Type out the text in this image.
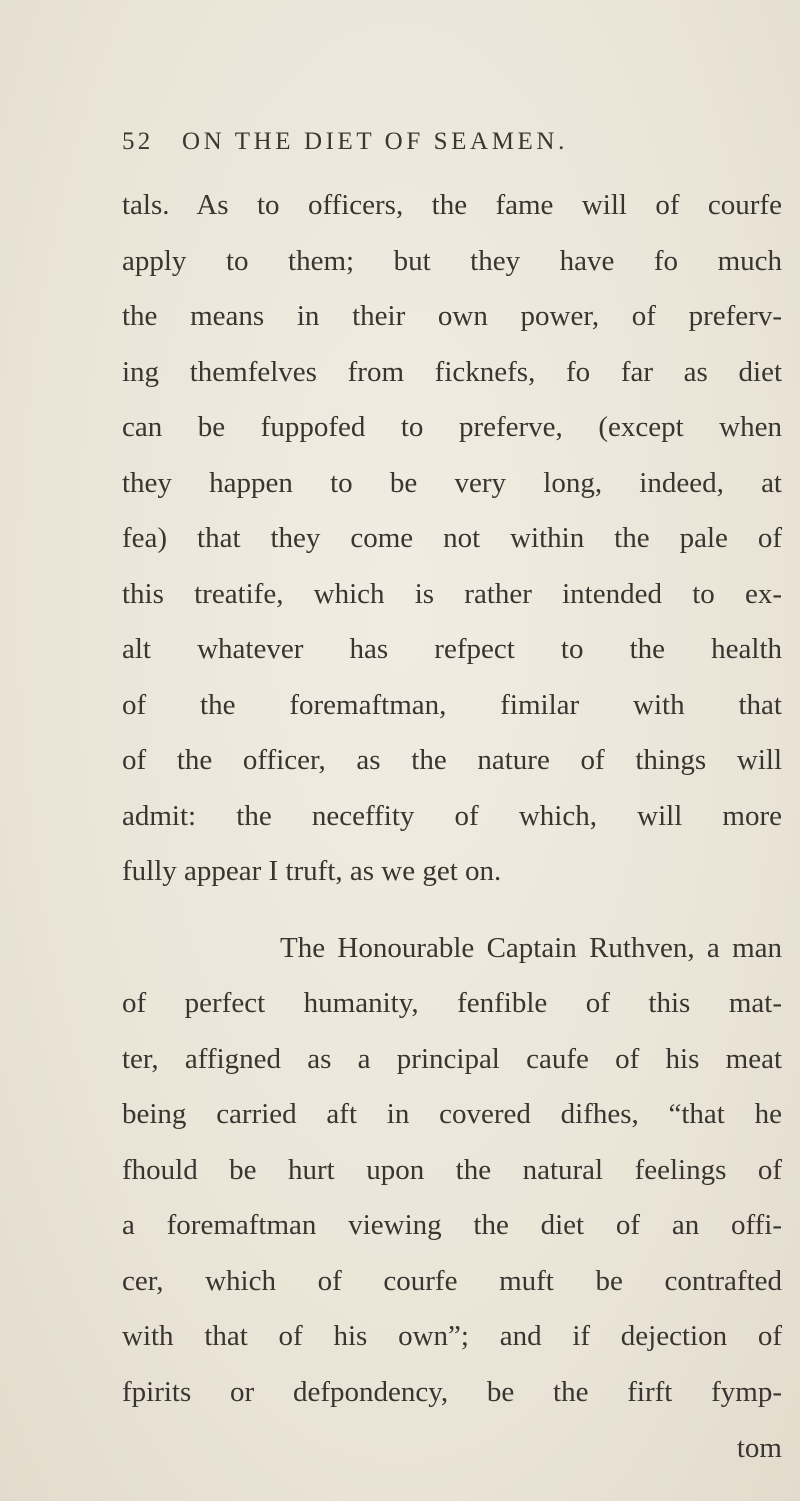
52 ON THE DIET OF SEAMEN.
tals. As to officers, the fame will of courfe
apply to them; but they have fo much
the means in their own power, of preferv-
ing themfelves from ficknefs, fo far as diet
can be fuppofed to preferve, (except when
they happen to be very long, indeed, at
fea) that they come not within the pale of
this treatife, which is rather intended to ex-
alt whatever has refpect to the health
of the foremaftman, fimilar with that
of the officer, as the nature of things will
admit: the neceffity of which, will more
fully appear I truft, as we get on.
The Honourable Captain Ruthven, a man
of perfect humanity, fenfible of this mat-
ter, affigned as a principal caufe of his meat
being carried aft in covered difhes, “that he
fhould be hurt upon the natural feelings of
a foremaftman viewing the diet of an offi-
cer, which of courfe muft be contrafted
with that of his own”; and if dejection of
fpirits or defpondency, be the firft fymp-
tom
